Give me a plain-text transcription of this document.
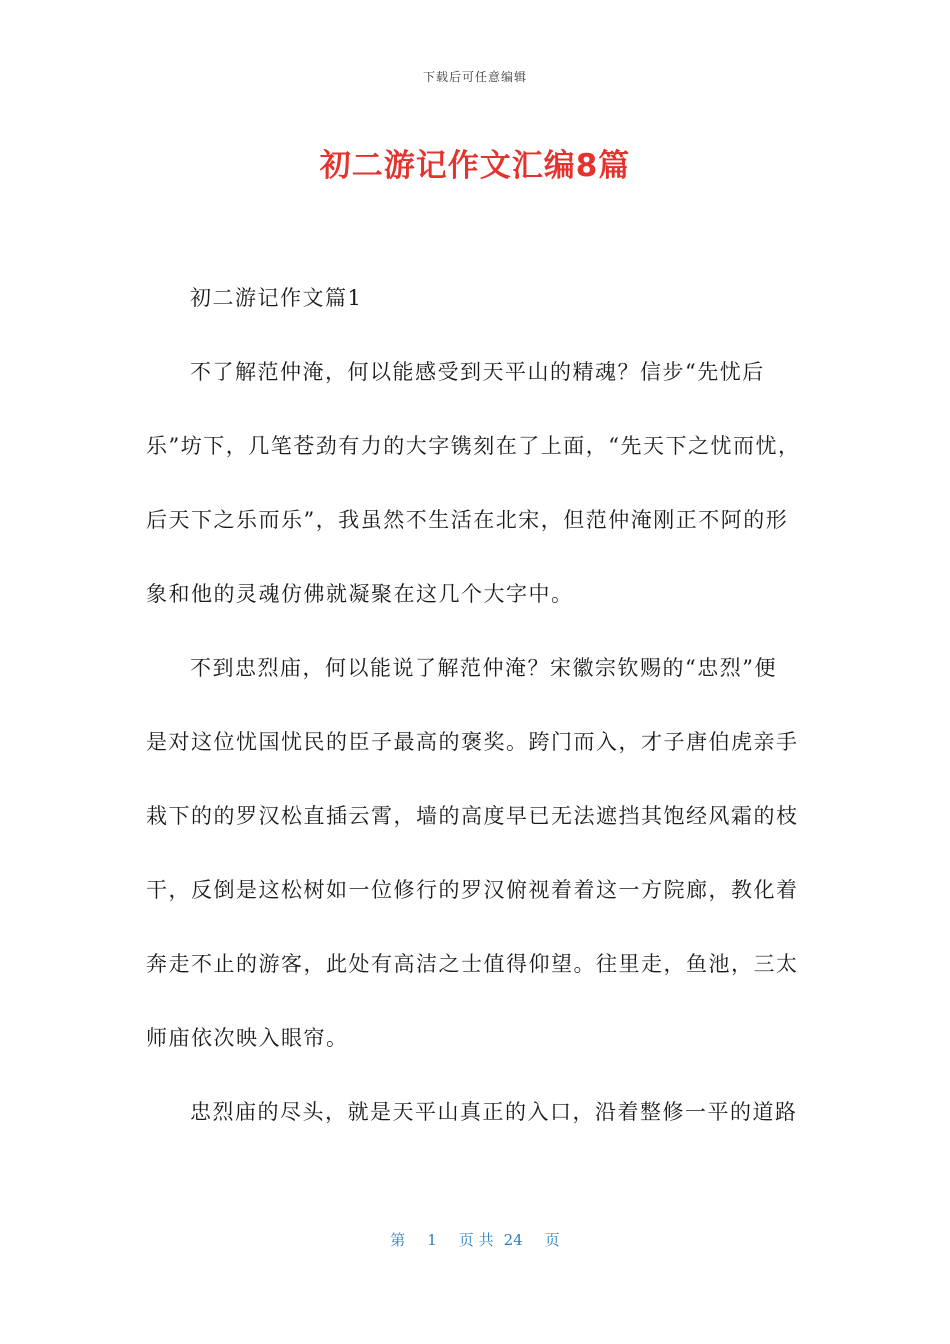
下载后可任意编辑
初二游记作文汇编8篇
初二游记作文篇1
不了解范仲淹，何以能感受到天平山的精魂？信步“先忧后
乐”坊下，几笔苍劲有力的大字镌刻在了上面，“先天下之忧而忧，
后天下之乐而乐”，我虽然不生活在北宋，但范仲淹刚正不阿的形
象和他的灵魂仿佛就凝聚在这几个大字中。
不到忠烈庙，何以能说了解范仲淹？宋徽宗钦赐的“忠烈”便
是对这位忧国忧民的臣子最高的褒奖。跨门而入，才子唐伯虎亲手
栽下的的罗汉松直插云霄，墙的高度早已无法遮挡其饱经风霜的枝
干，反倒是这松树如一位修行的罗汉俯视着着这一方院廊，教化着
奔走不止的游客，此处有高洁之士值得仰望。往里走，鱼池，三太
师庙依次映入眼帘。
忠烈庙的尽头，就是天平山真正的入口，沿着整修一平的道路
第 1 页 共 24 页
